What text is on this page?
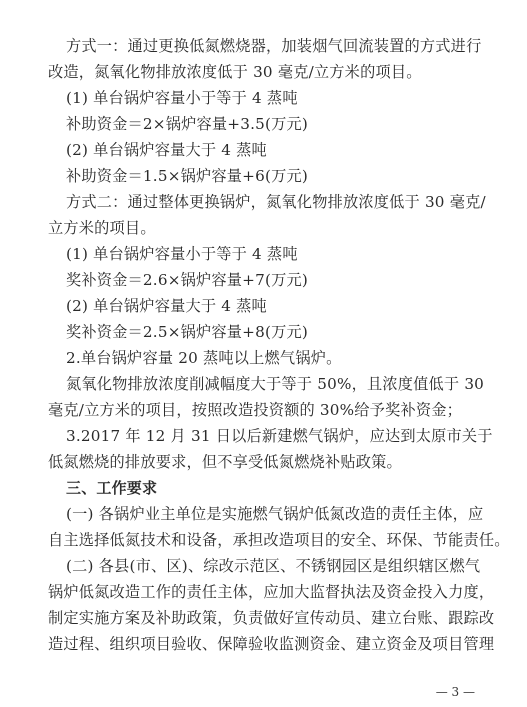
方式一：通过更换低氮燃烧器，加装烟气回流装置的方式进行
改造，氮氧化物排放浓度低于 30 毫克/立方米的项目。
(1) 单台锅炉容量小于等于 4 蒸吨
补助资金＝2×锅炉容量+3.5(万元)
(2) 单台锅炉容量大于 4 蒸吨
补助资金＝1.5×锅炉容量+6(万元)
方式二：通过整体更换锅炉，氮氧化物排放浓度低于 30 毫克/
立方米的项目。
(1) 单台锅炉容量小于等于 4 蒸吨
奖补资金＝2.6×锅炉容量+7(万元)
(2) 单台锅炉容量大于 4 蒸吨
奖补资金＝2.5×锅炉容量+8(万元)
2.单台锅炉容量 20 蒸吨以上燃气锅炉。
氮氧化物排放浓度削减幅度大于等于 50%，且浓度值低于 30
毫克/立方米的项目，按照改造投资额的 30%给予奖补资金；
3.2017 年 12 月 31 日以后新建燃气锅炉，应达到太原市关于
低氮燃烧的排放要求，但不享受低氮燃烧补贴政策。
三、工作要求
(一) 各锅炉业主单位是实施燃气锅炉低氮改造的责任主体，应
自主选择低氮技术和设备，承担改造项目的安全、环保、节能责任。
(二) 各县(市、区)、综改示范区、不锈钢园区是组织辖区燃气
锅炉低氮改造工作的责任主体，应加大监督执法及资金投入力度，
制定实施方案及补助政策，负责做好宣传动员、建立台账、跟踪改
造过程、组织项目验收、保障验收监测资金、建立资金及项目管理
— 3 —
